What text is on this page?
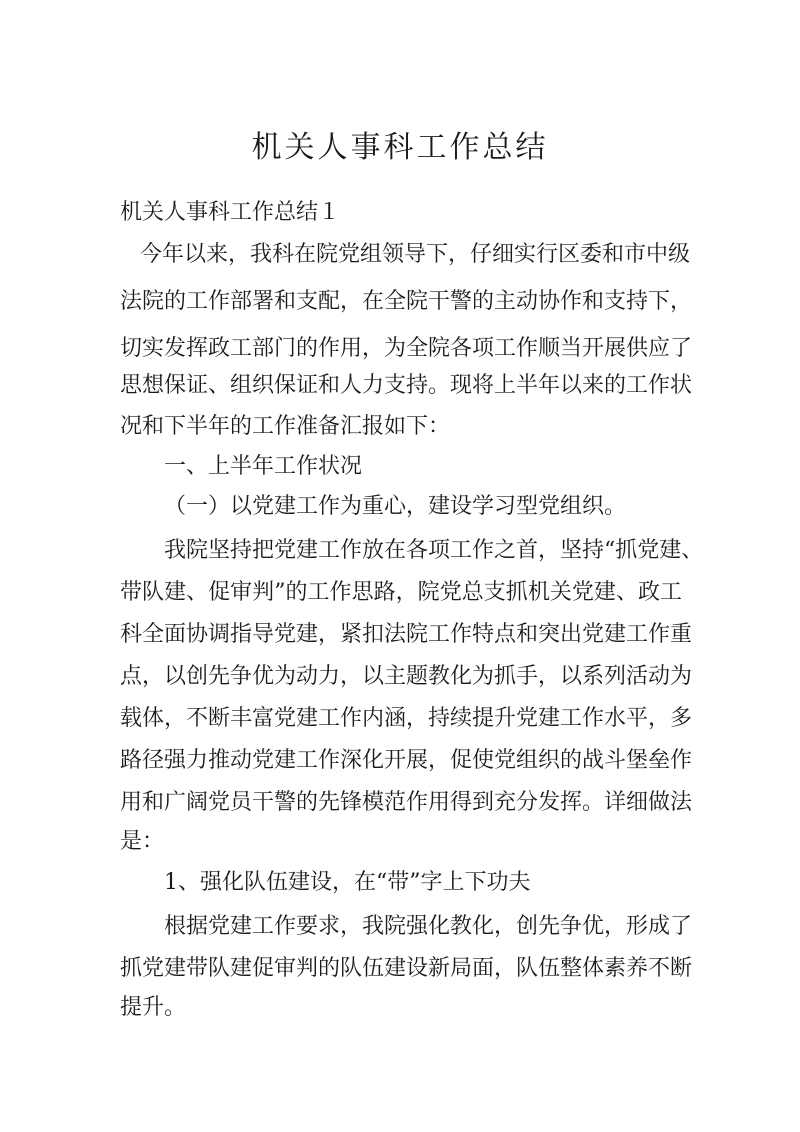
机关人事科工作总结

机关人事科工作总结１

今年以来，我科在院党组领导下，仔细实行区委和市中级

法院的工作部署和支配，在全院干警的主动协作和支持下，

切实发挥政工部门的作用，为全院各项工作顺当开展供应了

思想保证、组织保证和人力支持。现将上半年以来的工作状

况和下半年的工作准备汇报如下：

一、上半年工作状况

（一）以党建工作为重心，建设学习型党组织。

我院坚持把党建工作放在各项工作之首，坚持“抓党建、

带队建、促审判”的工作思路，院党总支抓机关党建、政工

科全面协调指导党建，紧扣法院工作特点和突出党建工作重

点，以创先争优为动力，以主题教化为抓手，以系列活动为

载体，不断丰富党建工作内涵，持续提升党建工作水平，多

路径强力推动党建工作深化开展，促使党组织的战斗堡垒作

用和广阔党员干警的先锋模范作用得到充分发挥。详细做法

是：

1、强化队伍建设，在“带”字上下功夫

根据党建工作要求，我院强化教化，创先争优，形成了

抓党建带队建促审判的队伍建设新局面，队伍整体素养不断

提升。
